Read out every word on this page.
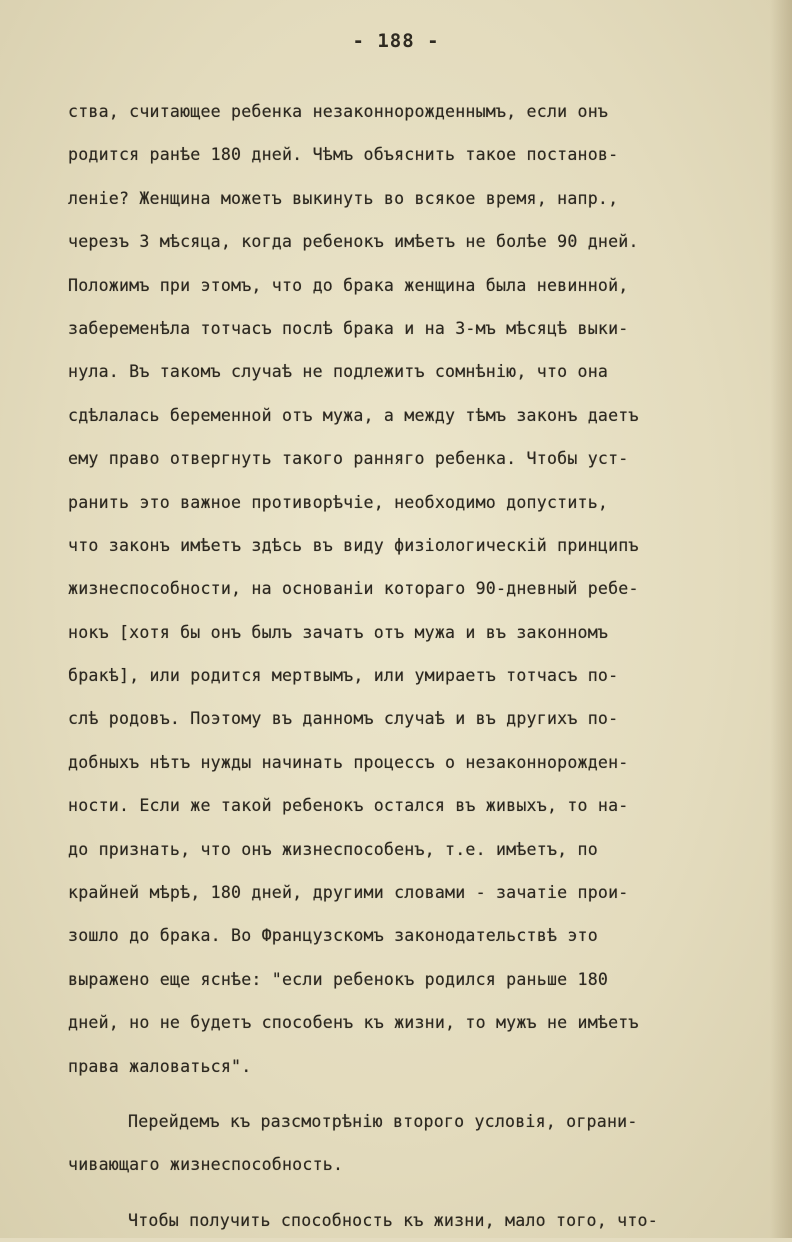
- 188 -
ства, считающее ребенка незаконнорожденнымъ, если онъ
родится ранѣе 180 дней. Чѣмъ объяснить такое постанов-
ленiе? Женщина можетъ выкинуть во всякое время, напр.,
черезъ 3 мѣсяца, когда ребенокъ имѣетъ не болѣе 90 дней.
Положимъ при этомъ, что до брака женщина была невинной,
забеременѣла тотчасъ послѣ брака и на 3-мъ мѣсяцѣ выки-
нула. Въ такомъ случаѣ не подлежитъ сомнѣнiю, что она
сдѣлалась беременной отъ мужа, а между тѣмъ законъ даетъ
ему право отвергнуть такого ранняго ребенка. Чтобы уст-
ранить это важное противорѣчiе, необходимо допустить,
что законъ имѣетъ здѣсь въ виду физiологическiй принципъ
жизнеспособности, на основанiи котораго 90-дневный ребе-
нокъ [хотя бы онъ былъ зачатъ отъ мужа и въ законномъ
бракѣ], или родится мертвымъ, или умираетъ тотчасъ по-
слѣ родовъ. Поэтому въ данномъ случаѣ и въ другихъ по-
добныхъ нѣтъ нужды начинать процессъ о незаконнорожден-
ности. Если же такой ребенокъ остался въ живыхъ, то на-
до признать, что онъ жизнеспособенъ, т.е. имѣетъ, по
крайней мѣрѣ, 180 дней, другими словами - зачатiе прои-
зошло до брака. Во Французскомъ законодательствѣ это
выражено еще яснѣе: "если ребенокъ родился раньше 180
дней, но не будетъ способенъ къ жизни, то мужъ не имѣетъ
права жаловаться".
Перейдемъ къ разсмотрѣнiю второго условiя, ограни-
чивающаго жизнеспособность.
Чтобы получить способность къ жизни, мало того, что-
